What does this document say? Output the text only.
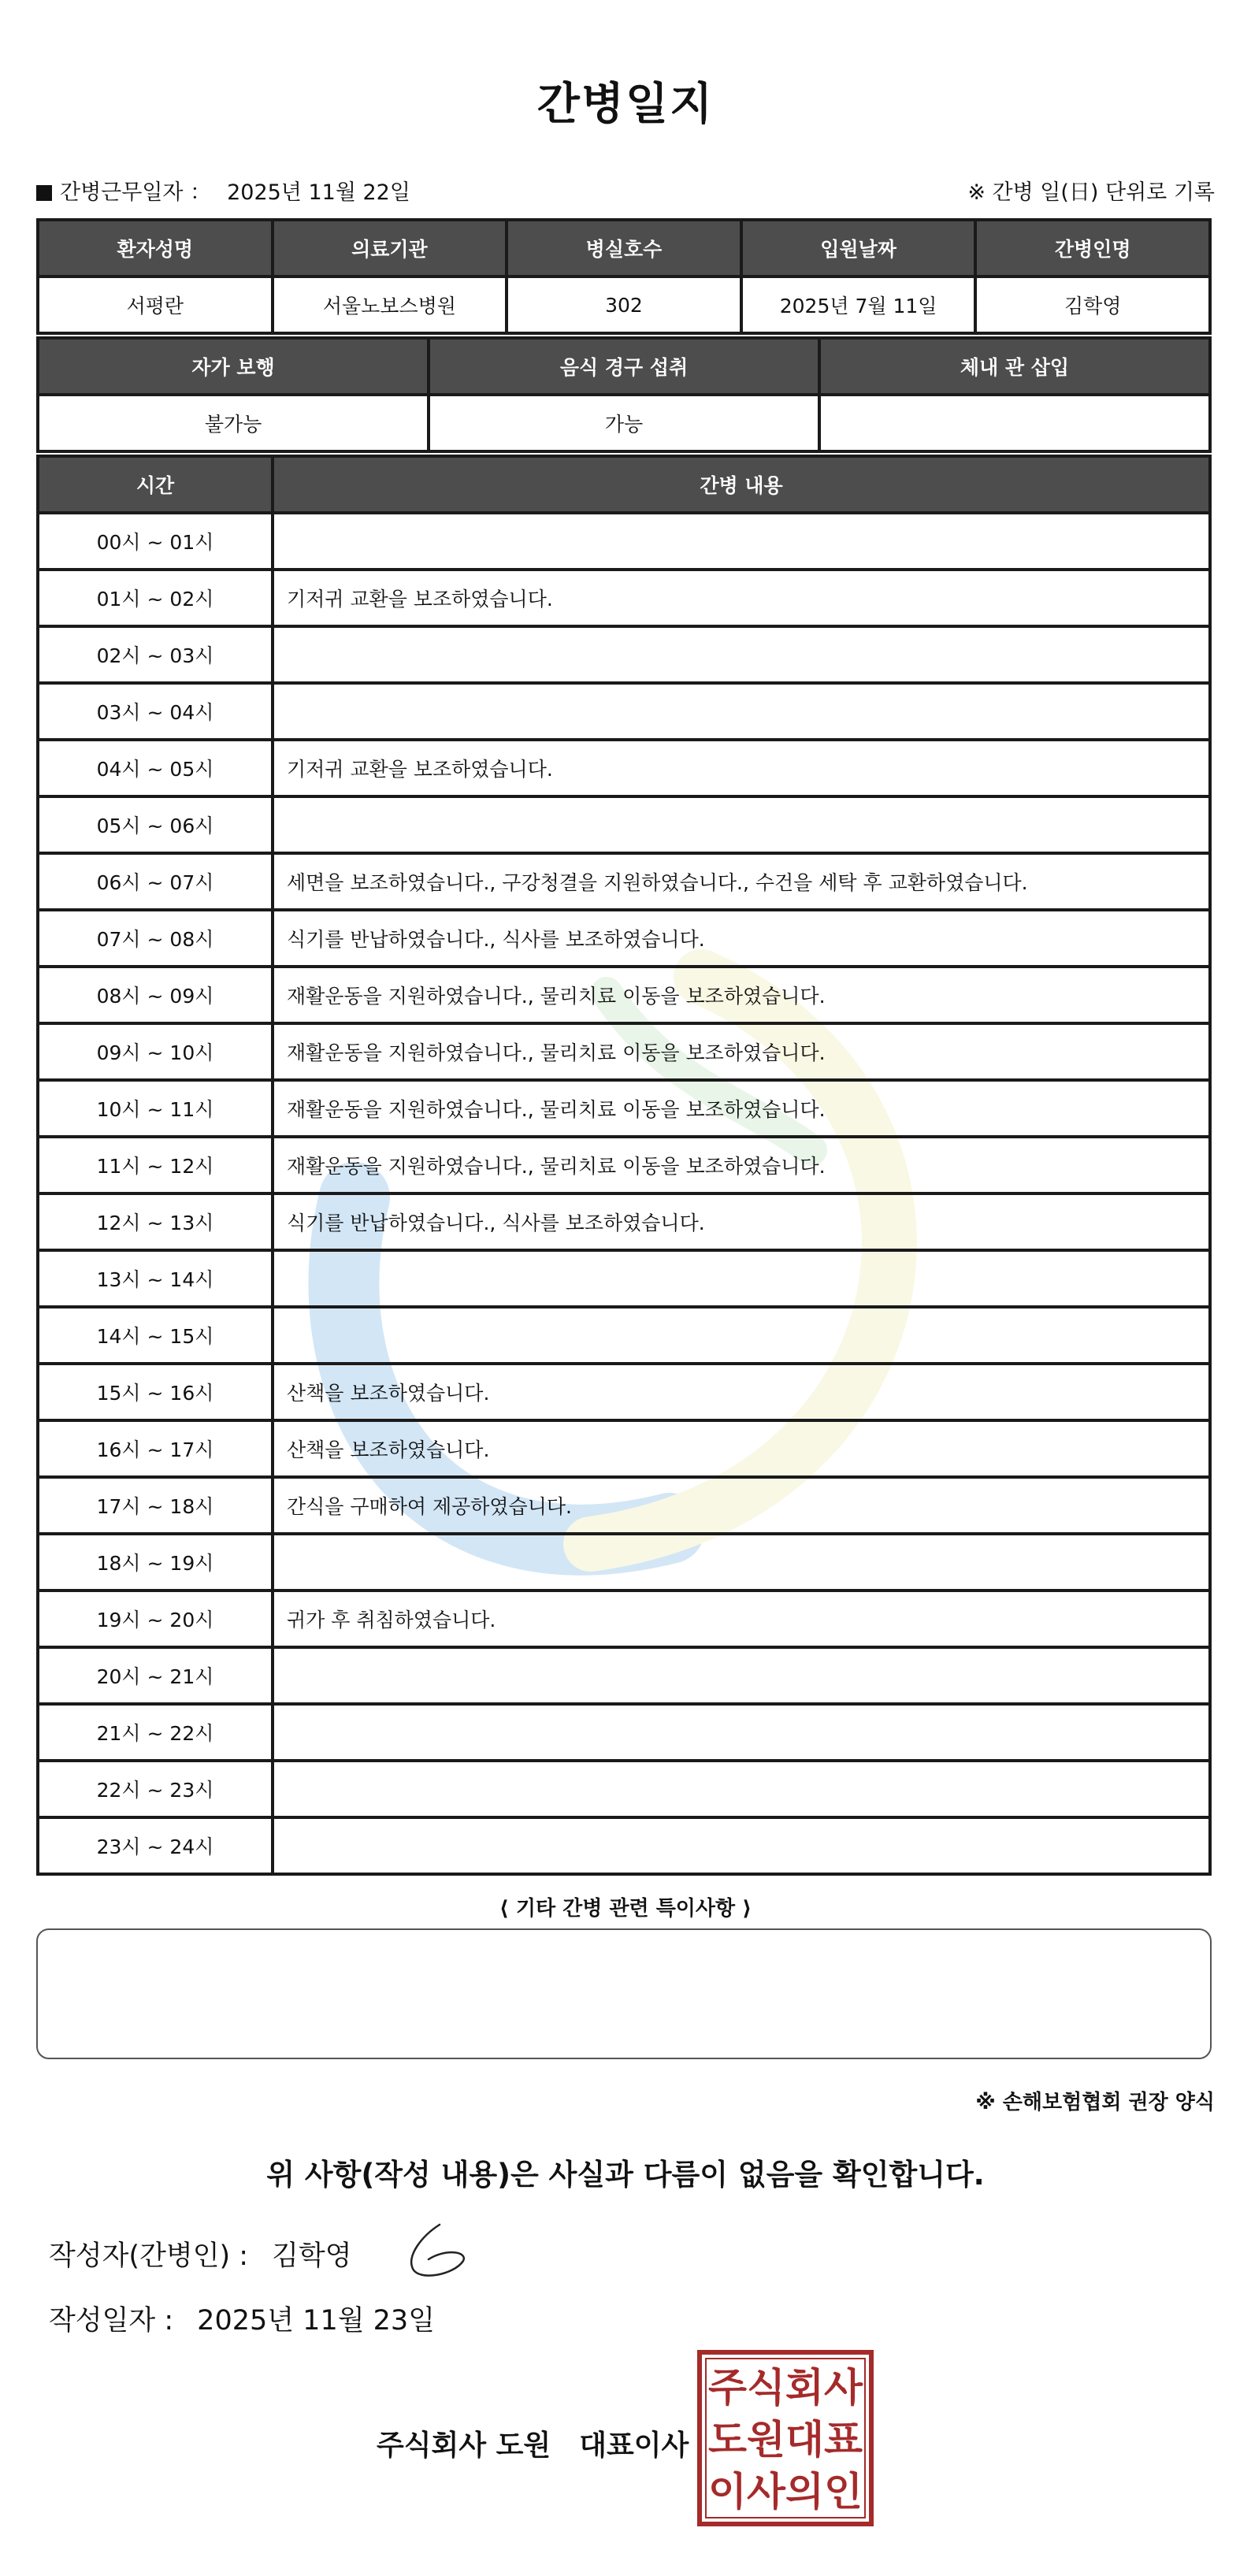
간병일지
간병근무일자 ： 2025년 11월 22일	※ 간병 일(日) 단위로 기록
환자성명	의료기관	병실호수	입원날짜	간병인명
서평란	서울노보스병원	302	2025년 7월 11일	김학영
자가 보행	음식 경구 섭취	체내 관 삽입
불가능	가능	
시간	간병 내용
00시 ~ 01시	
01시 ~ 02시	기저귀 교환을 보조하였습니다.
02시 ~ 03시	
03시 ~ 04시	
04시 ~ 05시	기저귀 교환을 보조하였습니다.
05시 ~ 06시	
06시 ~ 07시	세면을 보조하였습니다., 구강청결을 지원하였습니다., 수건을 세탁 후 교환하였습니다.
07시 ~ 08시	식기를 반납하였습니다., 식사를 보조하였습니다.
08시 ~ 09시	재활운동을 지원하였습니다., 물리치료 이동을 보조하였습니다.
09시 ~ 10시	재활운동을 지원하였습니다., 물리치료 이동을 보조하였습니다.
10시 ~ 11시	재활운동을 지원하였습니다., 물리치료 이동을 보조하였습니다.
11시 ~ 12시	재활운동을 지원하였습니다., 물리치료 이동을 보조하였습니다.
12시 ~ 13시	식기를 반납하였습니다., 식사를 보조하였습니다.
13시 ~ 14시	
14시 ~ 15시	
15시 ~ 16시	산책을 보조하였습니다.
16시 ~ 17시	산책을 보조하였습니다.
17시 ~ 18시	간식을 구매하여 제공하였습니다.
18시 ~ 19시	
19시 ~ 20시	귀가 후 취침하였습니다.
20시 ~ 21시	
21시 ~ 22시	
22시 ~ 23시	
23시 ~ 24시	
⟨ 기타 간병 관련 특이사항 ⟩
※ 손해보험협회 권장 양식
위 사항(작성 내용)은 사실과 다름이 없음을 확인합니다.
작성자(간병인) : 김학영
작성일자 : 2025년 11월 23일
주식회사 도원 대표이사
주식회사
도원대표
이사의인
